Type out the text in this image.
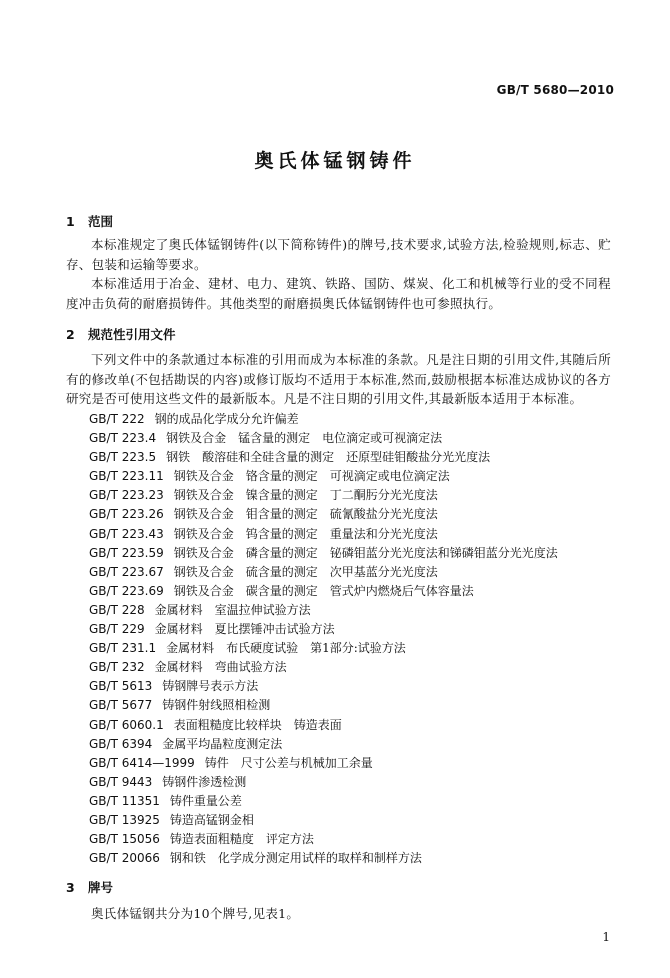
GB/T 5680—2010
奥氏体锰钢铸件
1 范围
本标准规定了奥氏体锰钢铸件(以下简称铸件)的牌号,技术要求,试验方法,检验规则,标志、贮存、包装和运输等要求。
本标准适用于冶金、建材、电力、建筑、铁路、国防、煤炭、化工和机械等行业的受不同程度冲击负荷的耐磨损铸件。其他类型的耐磨损奥氏体锰钢铸件也可参照执行。
2 规范性引用文件
下列文件中的条款通过本标准的引用而成为本标准的条款。凡是注日期的引用文件,其随后所有的修改单(不包括勘误的内容)或修订版均不适用于本标准,然而,鼓励根据本标准达成协议的各方研究是否可使用这些文件的最新版本。凡是不注日期的引用文件,其最新版本适用于本标准。
GB/T 222 钢的成品化学成分允许偏差
GB/T 223.4 钢铁及合金　锰含量的测定　电位滴定或可视滴定法
GB/T 223.5 钢铁　酸溶硅和全硅含量的测定　还原型硅钼酸盐分光光度法
GB/T 223.11 钢铁及合金　铬含量的测定　可视滴定或电位滴定法
GB/T 223.23 钢铁及合金　镍含量的测定　丁二酮肟分光光度法
GB/T 223.26 钢铁及合金　钼含量的测定　硫氰酸盐分光光度法
GB/T 223.43 钢铁及合金　钨含量的测定　重量法和分光光度法
GB/T 223.59 钢铁及合金　磷含量的测定　铋磷钼蓝分光光度法和锑磷钼蓝分光光度法
GB/T 223.67 钢铁及合金　硫含量的测定　次甲基蓝分光光度法
GB/T 223.69 钢铁及合金　碳含量的测定　管式炉内燃烧后气体容量法
GB/T 228 金属材料　室温拉伸试验方法
GB/T 229 金属材料　夏比摆锤冲击试验方法
GB/T 231.1 金属材料　布氏硬度试验　第1部分:试验方法
GB/T 232 金属材料　弯曲试验方法
GB/T 5613 铸钢牌号表示方法
GB/T 5677 铸钢件射线照相检测
GB/T 6060.1 表面粗糙度比较样块　铸造表面
GB/T 6394 金属平均晶粒度测定法
GB/T 6414—1999 铸件　尺寸公差与机械加工余量
GB/T 9443 铸钢件渗透检测
GB/T 11351 铸件重量公差
GB/T 13925 铸造高锰钢金相
GB/T 15056 铸造表面粗糙度　评定方法
GB/T 20066 钢和铁　化学成分测定用试样的取样和制样方法
3 牌号
奥氏体锰钢共分为10个牌号,见表1。
1
